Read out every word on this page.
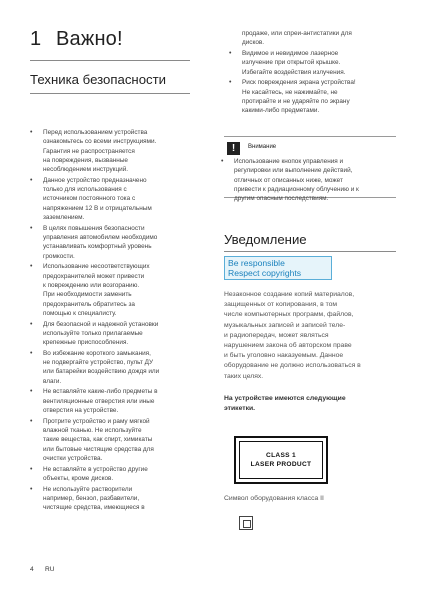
1 Важно!
Техника безопасности
• Перед использованием устройства
ознакомьтесь со всеми инструкциями.
Гарантия не распространяется
на повреждения, вызванные
несоблюдением инструкций.
• Данное устройство предназначено
только для использования с
источником постоянного тока с
напряжением 12 В и отрицательным
заземлением.
• В целях повышения безопасности
управления автомобилем необходимо
устанавливать комфортный уровень
громкости.
• Использование несоответствующих
предохранителей может привести
к повреждению или возгоранию.
При необходимости заменить
предохранитель обратитесь за
помощью к специалисту.
• Для безопасной и надежной установки
используйте только прилагаемые
крепежные приспособления.
• Во избежание короткого замыкания,
не подвергайте устройство, пульт ДУ
или батарейки воздействию дождя или
влаги.
• Не вставляйте какие-либо предметы в
вентиляционные отверстия или иные
отверстия на устройстве.
• Протрите устройство и раму мягкой
влажной тканью. Не используйте
такие вещества, как спирт, химикаты
или бытовые чистящие средства для
очистки устройства.
• Не вставляйте в устройство другие
объекты, кроме дисков.
• Не используйте растворители
например, бензол, разбавители,
чистящие средства, имеющиеся в
продаже, или спреи-антистатики для
дисков.
• Видимое и невидимое лазерное
излучение при открытой крышке.
Избегайте воздействия излучения.
• Риск повреждения экрана устройства!
Не касайтесь, не нажимайте, не
протирайте и не ударяйте по экрану
какими-либо предметами.
!	Внимание
• Использование кнопок управления и
регулировки или выполнение действий,
отличных от описанных ниже, может
привести к радиационному облучению и к
другим опасным последствиям.
Уведомление
Be responsible
Respect copyrights
Незаконное создание копий материалов,
защищенных от копирования, в том
числе компьютерных программ, файлов,
музыкальных записей и записей теле-
и радиопередач, может являться
нарушением закона об авторском праве
и быть уголовно наказуемым. Данное
оборудование не должно использоваться в
таких целях.
На устройстве имеются следующие
этикетки.
CLASS 1
LASER PRODUCT
Символ оборудования класса II
4 RU
